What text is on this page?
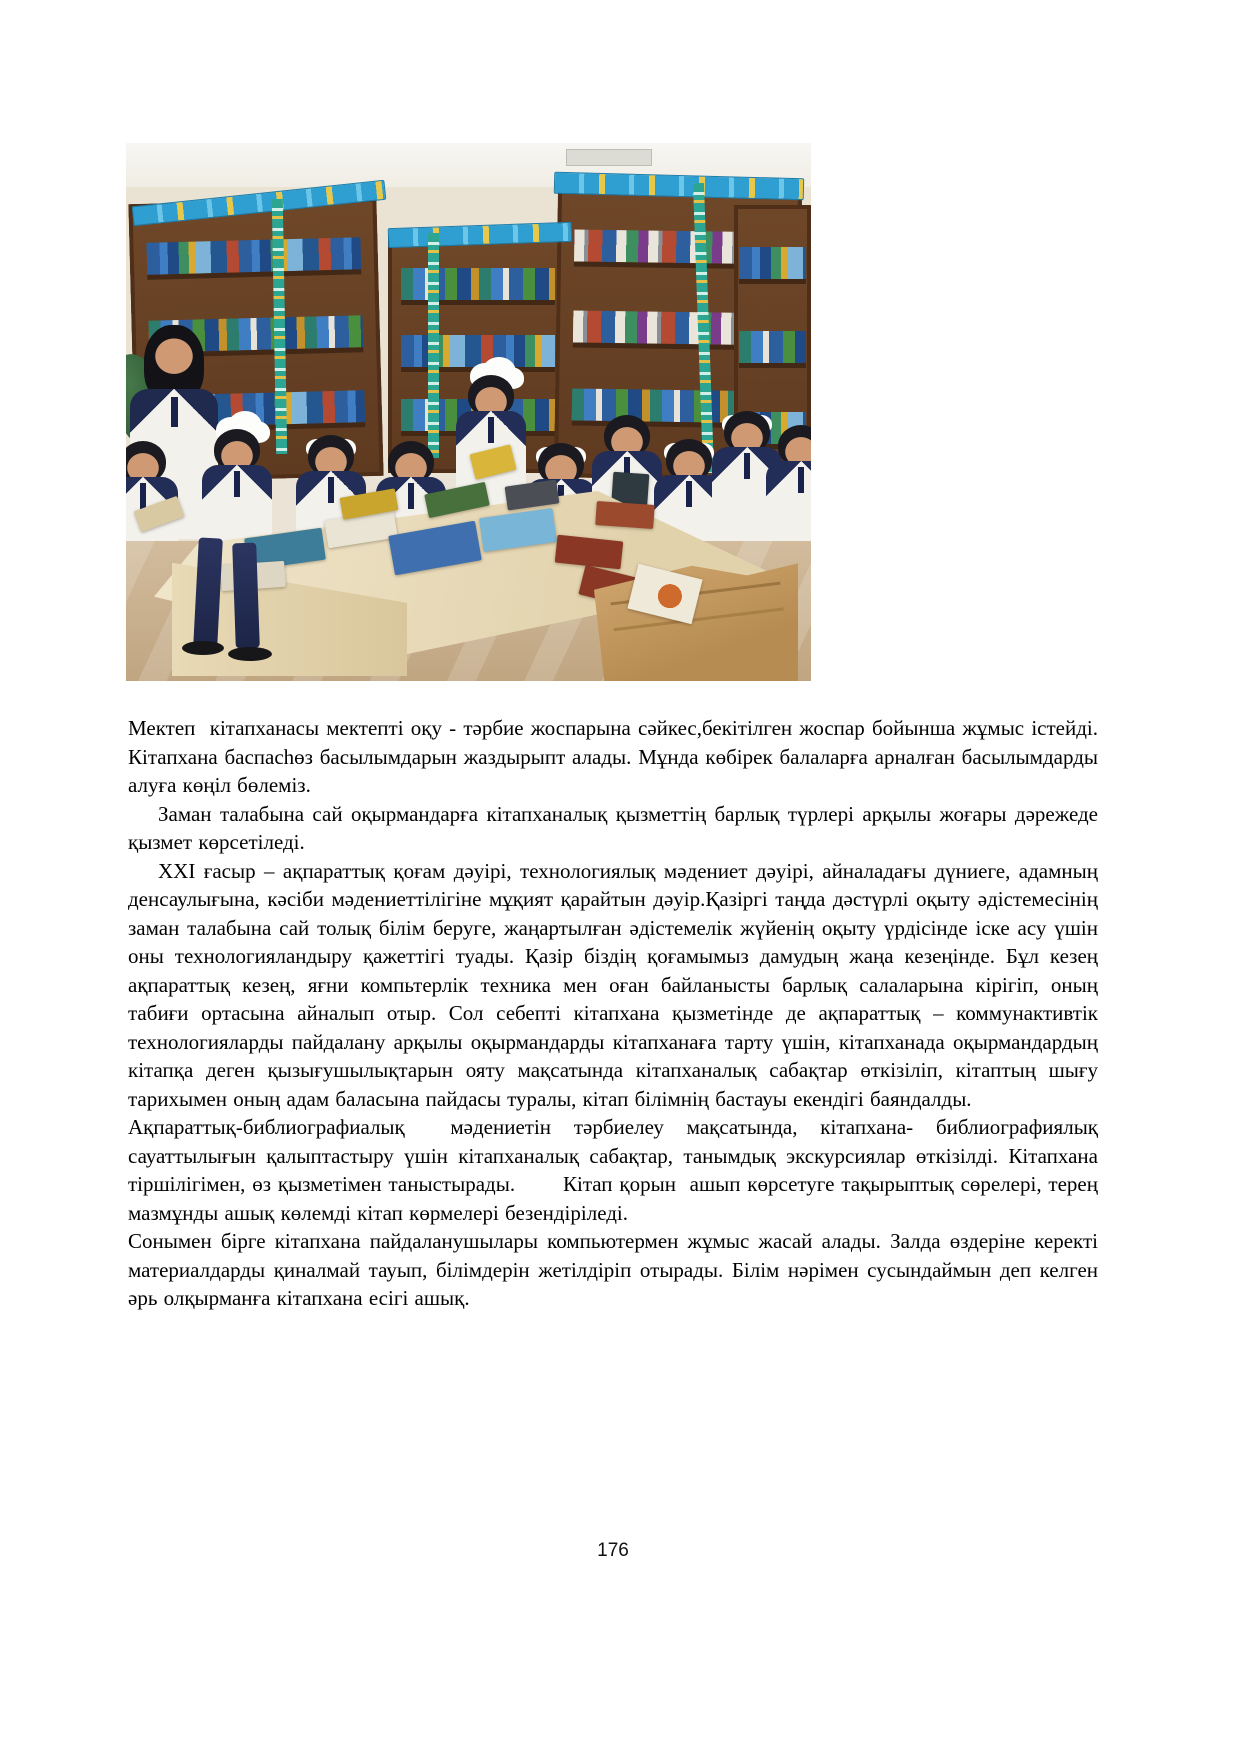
Мектеп  кітапханасы мектепті оқу - тәрбие жоспарына сәйкес,бекітілген жоспар бойынша жұмыс істейді. Кітапхана баспасһөз басылымдарын жаздырыпт алады. Мұнда көбірек балаларға арналған басылымдарды алуға көңіл бөлеміз.

Заман талабына сай оқырмандарға кітапханалық қызметтің барлық түрлері арқылы жоғары дәрежеде қызмет көрсетіледі.

XXI ғасыр – ақпараттық қоғам дәуірі, технологиялық мәдениет дәуірі, айналадағы дүниеге, адамның денсаулығына, кәсіби мәдениеттілігіне мұқият қарайтын дәуір.Қазіргі таңда дәстүрлі оқыту әдістемесінің заман талабына сай толық білім беруге, жаңартылған әдістемелік жүйенің оқыту үрдісінде іске асу үшін оны технологияландыру қажеттігі туады. Қазір біздің қоғамымыз дамудың жаңа кезеңінде. Бұл кезең ақпараттық кезең, яғни компьтерлік техника мен оған байланысты барлық салаларына кірігіп, оның табиғи ортасына айналып отыр. Сол себепті кітапхана қызметінде де ақпараттық – коммунактивтік технологияларды пайдалану арқылы оқырмандарды кітапханаға тарту үшін, кітапханада оқырмандардың кітапқа деген қызығушылықтарын ояту мақсатында кітапханалық сабақтар өткізіліп, кітаптың шығу тарихымен оның адам баласына пайдасы туралы, кітап білімнің бастауы екендігі баяндалды.

Ақпараттық-библиографиалық  мәдениетін тәрбиелеу мақсатында, кітапхана- библиографиялық сауаттылығын қалыптастыру үшін кітапханалық сабақтар, танымдық экскурсиялар өткізілді. Кітапхана тіршілігімен, өз қызметімен таныстырады.       Кітап қорын  ашып көрсетуге тақырыптық сөрелері, терең мазмұнды ашық көлемді кітап көрмелері безендіріледі.

Сонымен бірге кітапхана пайдаланушылары компьютермен жұмыс жасай алады. Залда өздеріне керекті материалдарды қиналмай тауып, білімдерін жетілдіріп отырады. Білім нәрімен сусындаймын деп келген әрь олқырманға кітапхана есігі ашық.

176
